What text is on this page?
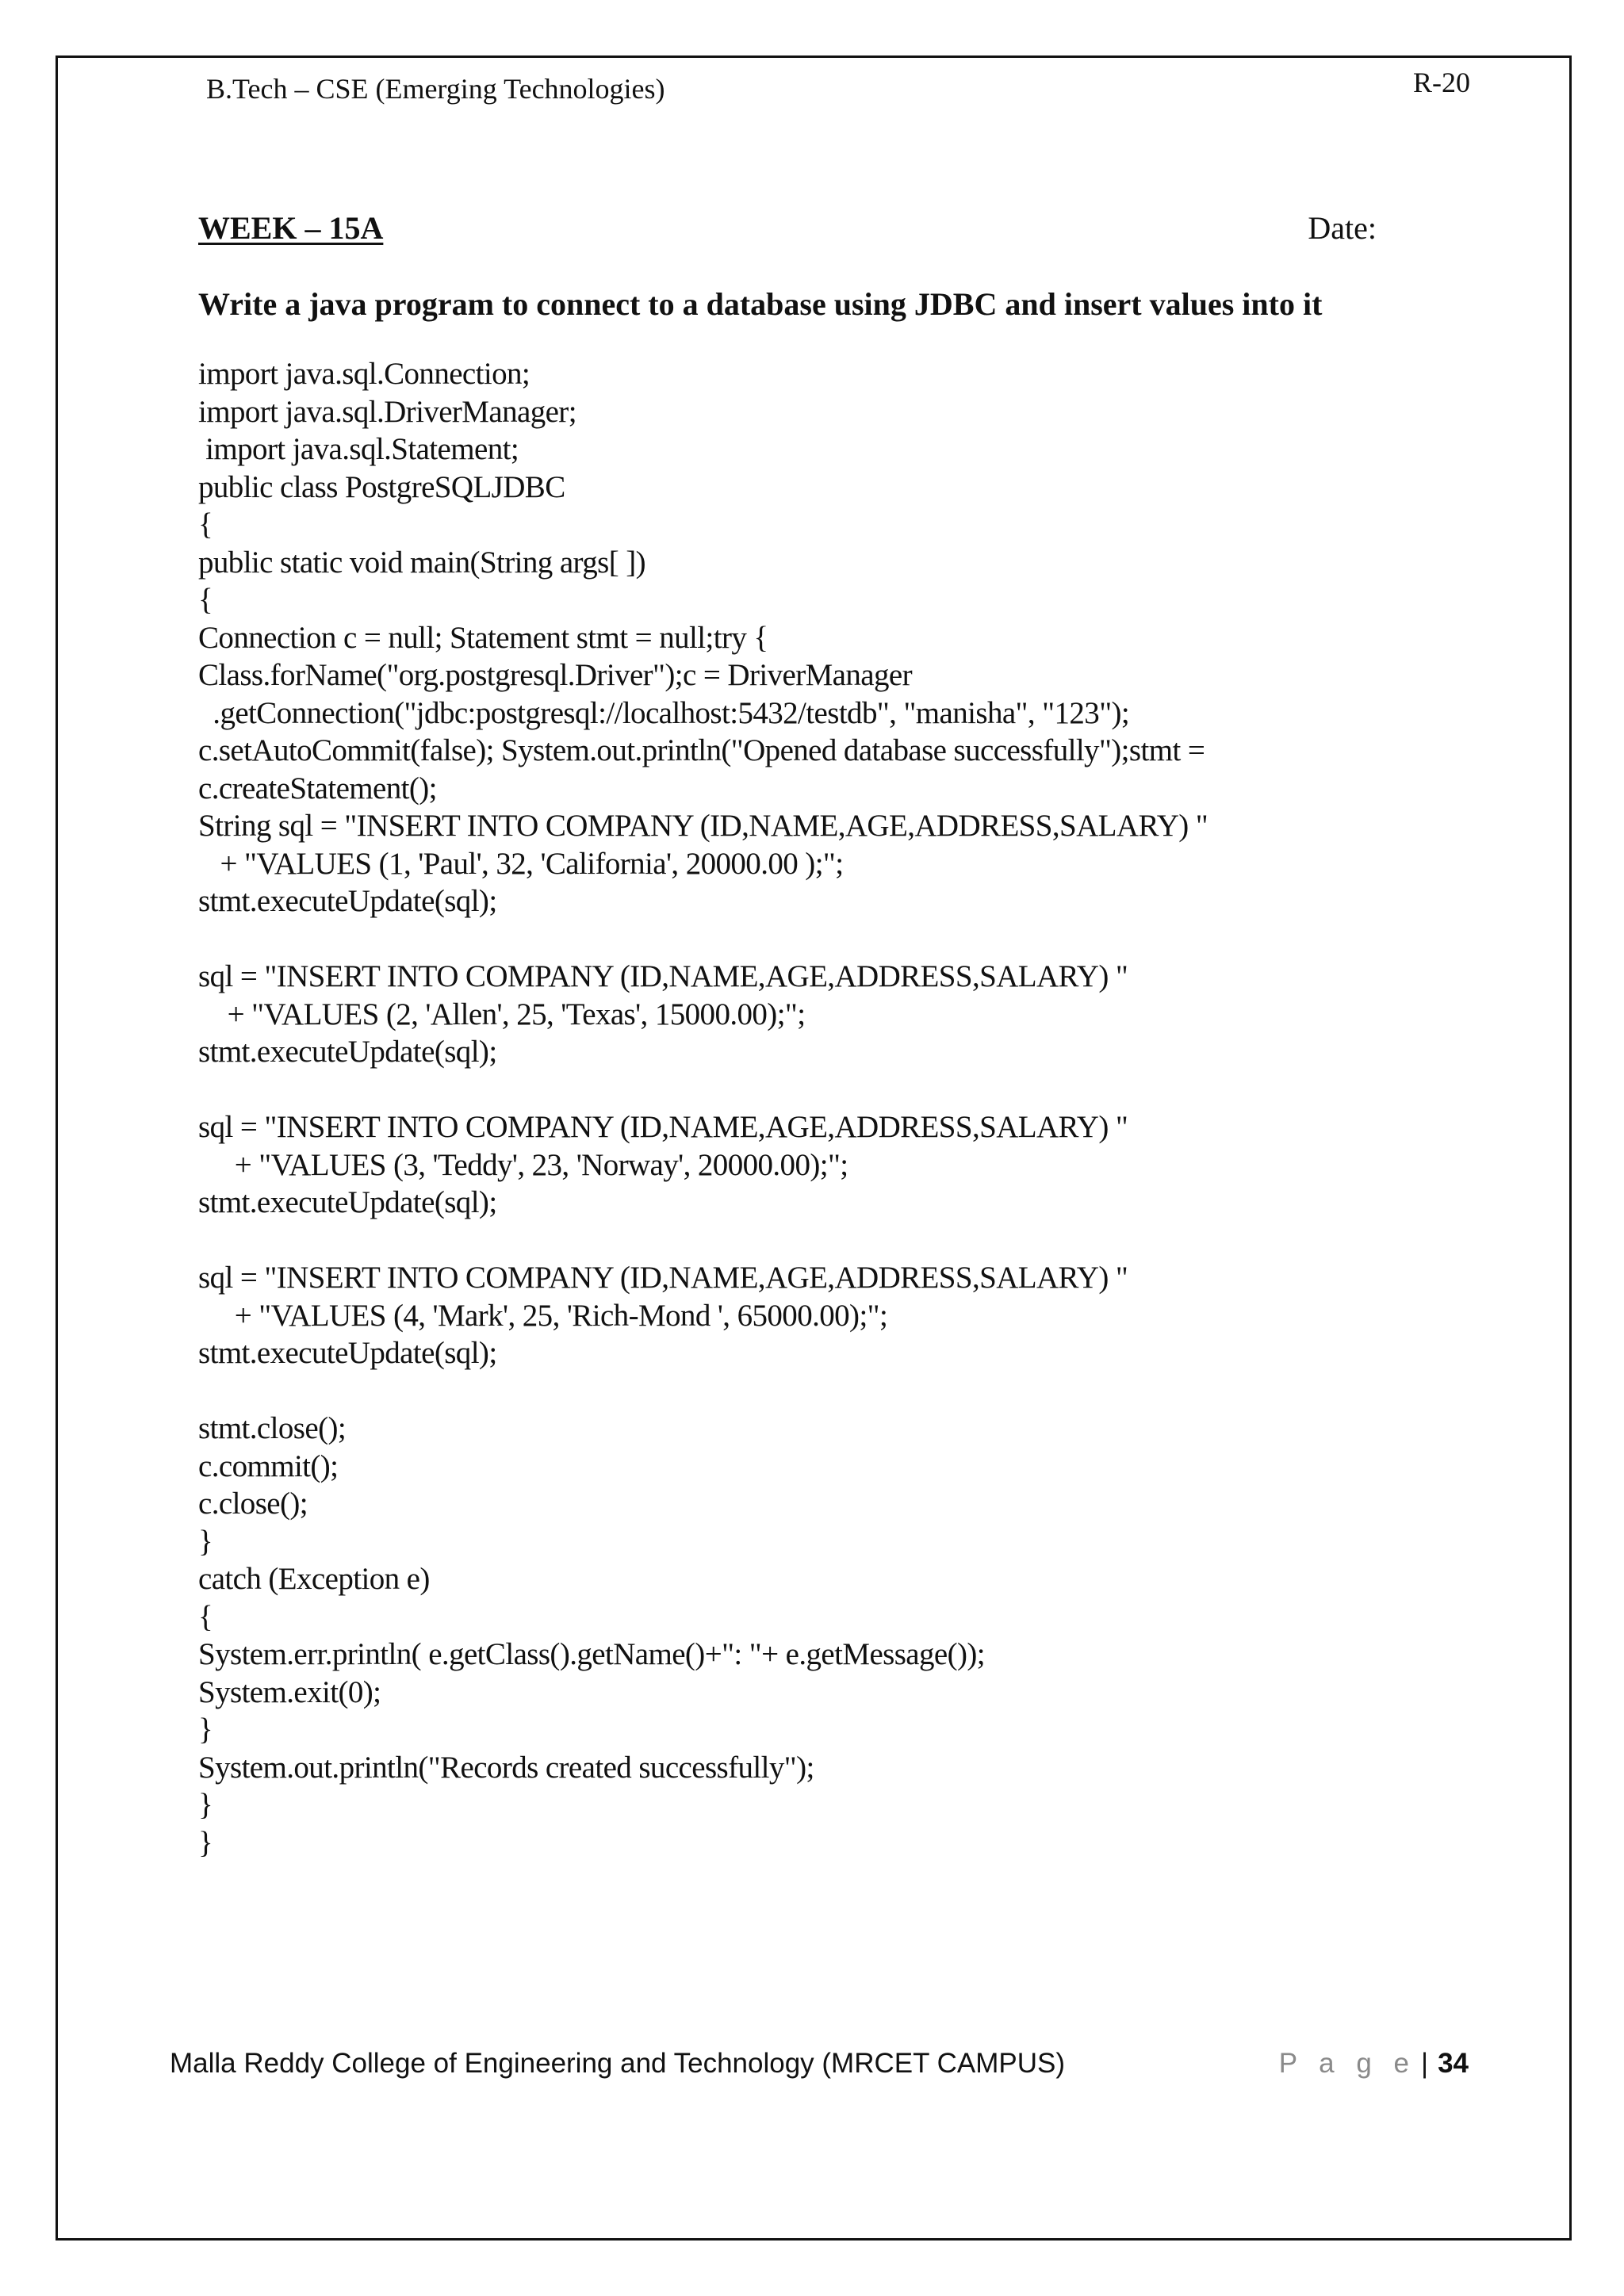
B.Tech – CSE (Emerging Technologies)	R-20
WEEK – 15A	Date:
Write a java program to connect to a database using JDBC and insert values into it
import java.sql.Connection;
import java.sql.DriverManager;
import java.sql.Statement;
public class PostgreSQLJDBC
{
public static void main(String args[ ])
{
Connection c = null; Statement stmt = null;try {
Class.forName("org.postgresql.Driver");c = DriverManager
.getConnection("jdbc:postgresql://localhost:5432/testdb", "manisha", "123");
c.setAutoCommit(false); System.out.println("Opened database successfully");stmt =
c.createStatement();
String sql = "INSERT INTO COMPANY (ID,NAME,AGE,ADDRESS,SALARY) "
+ "VALUES (1, 'Paul', 32, 'California', 20000.00 );";
stmt.executeUpdate(sql);
sql = "INSERT INTO COMPANY (ID,NAME,AGE,ADDRESS,SALARY) "
+ "VALUES (2, 'Allen', 25, 'Texas', 15000.00);";
stmt.executeUpdate(sql);
sql = "INSERT INTO COMPANY (ID,NAME,AGE,ADDRESS,SALARY) "
+ "VALUES (3, 'Teddy', 23, 'Norway', 20000.00);";
stmt.executeUpdate(sql);
sql = "INSERT INTO COMPANY (ID,NAME,AGE,ADDRESS,SALARY) "
+ "VALUES (4, 'Mark', 25, 'Rich-Mond ', 65000.00);";
stmt.executeUpdate(sql);
stmt.close();
c.commit();
c.close();
}
catch (Exception e)
{
System.err.println( e.getClass().getName()+": "+ e.getMessage());
System.exit(0);
}
System.out.println("Records created successfully");
}
}
Malla Reddy College of Engineering and Technology (MRCET CAMPUS)	P a g e | 34
